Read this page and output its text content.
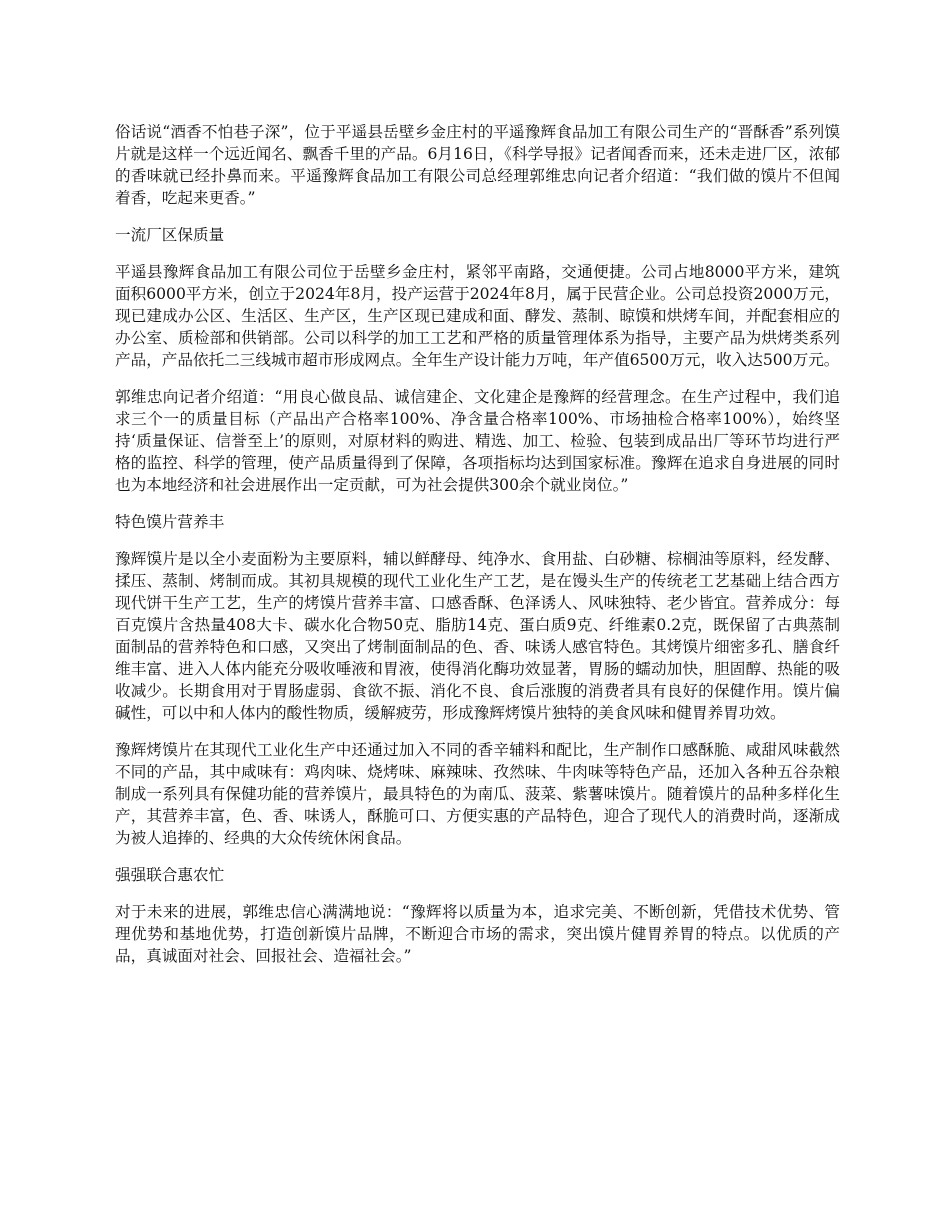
俗话说“酒香不怕巷子深”，位于平遥县岳壁乡金庄村的平遥豫辉食品加工有限公司生产的“晋酥香”系列馍片就是这样一个远近闻名、飘香千里的产品。6月16日，《科学导报》记者闻香而来，还未走进厂区，浓郁的香味就已经扑鼻而来。平遥豫辉食品加工有限公司总经理郭维忠向记者介绍道：“我们做的馍片不但闻着香，吃起来更香。”

一流厂区保质量

平遥县豫辉食品加工有限公司位于岳壁乡金庄村，紧邻平南路，交通便捷。公司占地8000平方米，建筑面积6000平方米，创立于2024年8月，投产运营于2024年8月，属于民营企业。公司总投资2000万元，现已建成办公区、生活区、生产区，生产区现已建成和面、酵发、蒸制、晾馍和烘烤车间，并配套相应的办公室、质检部和供销部。公司以科学的加工工艺和严格的质量管理体系为指导，主要产品为烘烤类系列产品，产品依托二三线城市超市形成网点。全年生产设计能力万吨，年产值6500万元，收入达500万元。

郭维忠向记者介绍道：“用良心做良品、诚信建企、文化建企是豫辉的经营理念。在生产过程中，我们追求三个一的质量目标（产品出产合格率100%、净含量合格率100%、市场抽检合格率100%），始终坚持‘质量保证、信誉至上’的原则，对原材料的购进、精选、加工、检验、包装到成品出厂等环节均进行严格的监控、科学的管理，使产品质量得到了保障，各项指标均达到国家标准。豫辉在追求自身进展的同时也为本地经济和社会进展作出一定贡献，可为社会提供300余个就业岗位。”

特色馍片营养丰

豫辉馍片是以全小麦面粉为主要原料，辅以鲜酵母、纯净水、食用盐、白砂糖、棕榈油等原料，经发酵、揉压、蒸制、烤制而成。其初具规模的现代工业化生产工艺，是在馒头生产的传统老工艺基础上结合西方现代饼干生产工艺，生产的烤馍片营养丰富、口感香酥、色泽诱人、风味独特、老少皆宜。营养成分：每百克馍片含热量408大卡、碳水化合物50克、脂肪14克、蛋白质9克、纤维素0.2克，既保留了古典蒸制面制品的营养特色和口感，又突出了烤制面制品的色、香、味诱人感官特色。其烤馍片细密多孔、膳食纤维丰富、进入人体内能充分吸收唾液和胃液，使得消化酶功效显著，胃肠的蠕动加快，胆固醇、热能的吸收减少。长期食用对于胃肠虚弱、食欲不振、消化不良、食后涨腹的消费者具有良好的保健作用。馍片偏碱性，可以中和人体内的酸性物质，缓解疲劳，形成豫辉烤馍片独特的美食风味和健胃养胃功效。

豫辉烤馍片在其现代工业化生产中还通过加入不同的香辛辅料和配比，生产制作口感酥脆、咸甜风味截然不同的产品，其中咸味有：鸡肉味、烧烤味、麻辣味、孜然味、牛肉味等特色产品，还加入各种五谷杂粮制成一系列具有保健功能的营养馍片，最具特色的为南瓜、菠菜、紫薯味馍片。随着馍片的品种多样化生产，其营养丰富，色、香、味诱人，酥脆可口、方便实惠的产品特色，迎合了现代人的消费时尚，逐渐成为被人追捧的、经典的大众传统休闲食品。

强强联合惠农忙

对于未来的进展，郭维忠信心满满地说：“豫辉将以质量为本，追求完美、不断创新，凭借技术优势、管理优势和基地优势，打造创新馍片品牌，不断迎合市场的需求，突出馍片健胃养胃的特点。以优质的产品，真诚面对社会、回报社会、造福社会。”
